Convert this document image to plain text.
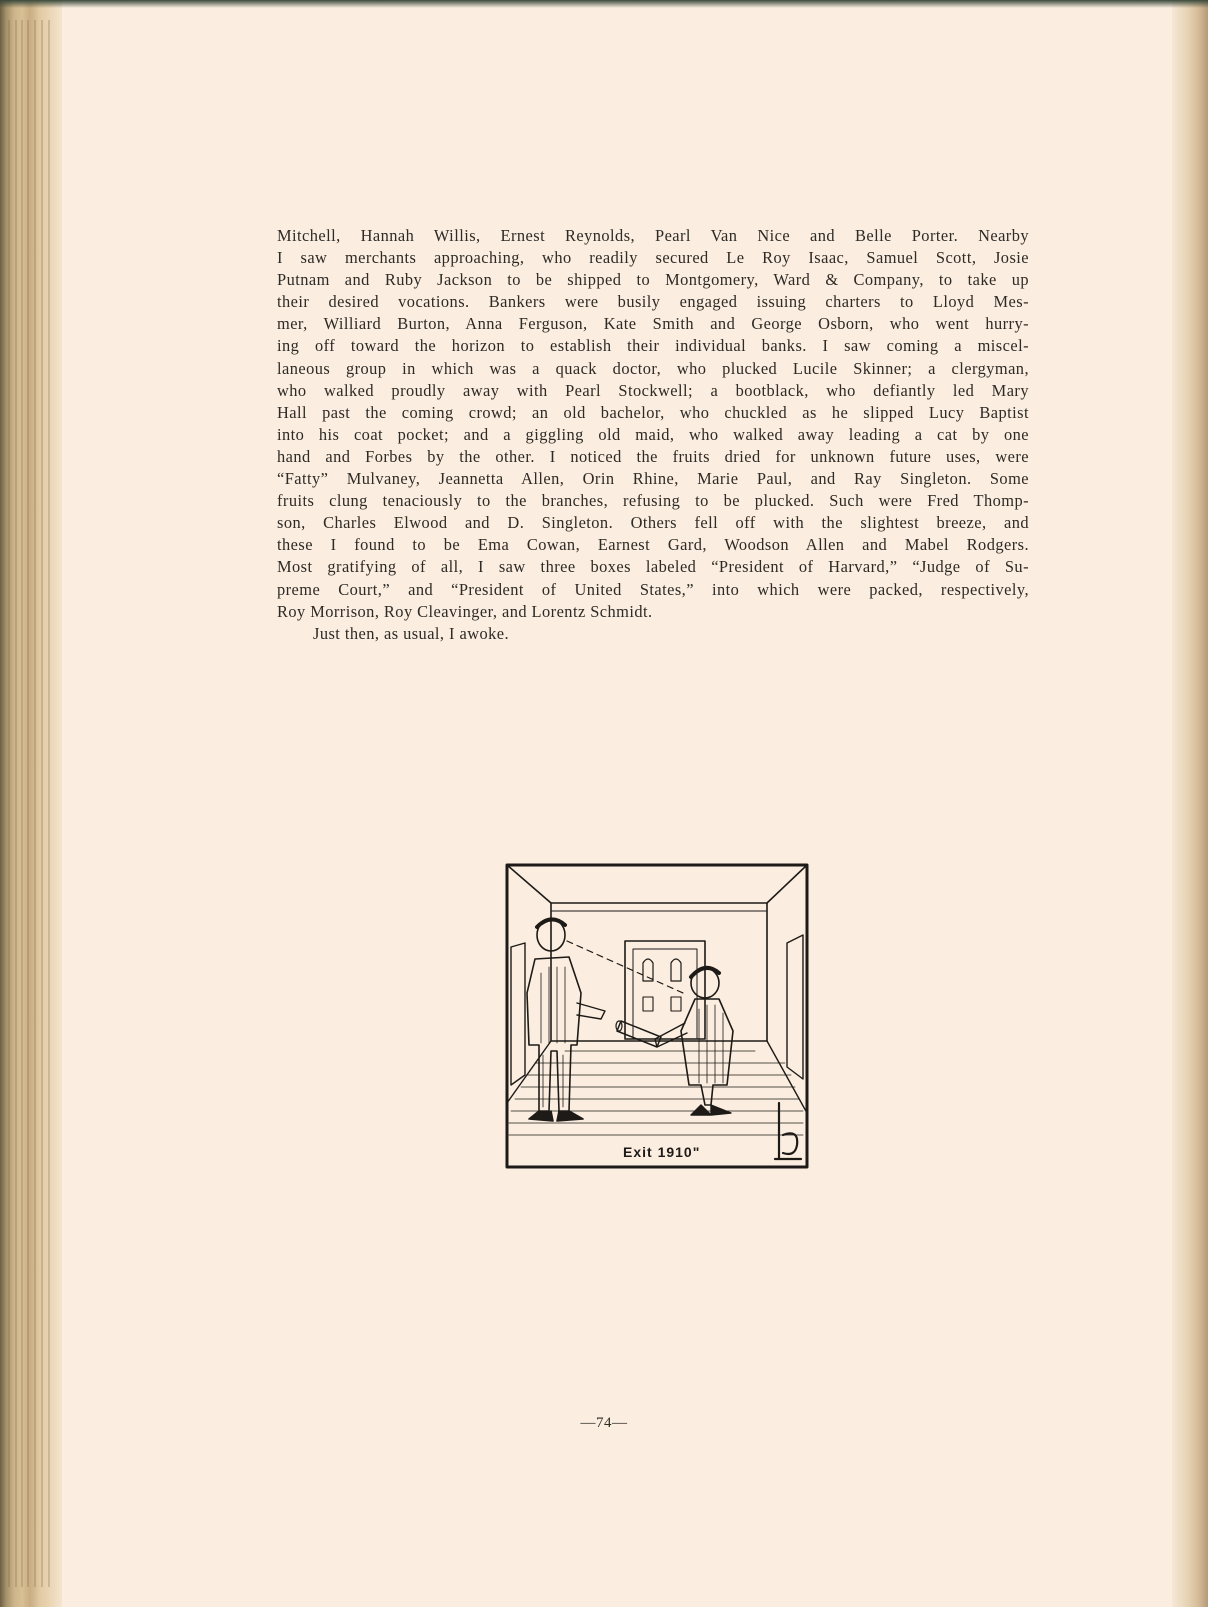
Mitchell, Hannah Willis, Ernest Reynolds, Pearl Van Nice and Belle Porter. Nearby
I saw merchants approaching, who readily secured Le Roy Isaac, Samuel Scott, Josie
Putnam and Ruby Jackson to be shipped to Montgomery, Ward & Company, to take up
their desired vocations. Bankers were busily engaged issuing charters to Lloyd Mes-
mer, Williard Burton, Anna Ferguson, Kate Smith and George Osborn, who went hurry-
ing off toward the horizon to establish their individual banks. I saw coming a miscel-
laneous group in which was a quack doctor, who plucked Lucile Skinner; a clergyman,
who walked proudly away with Pearl Stockwell; a bootblack, who defiantly led Mary
Hall past the coming crowd; an old bachelor, who chuckled as he slipped Lucy Baptist
into his coat pocket; and a giggling old maid, who walked away leading a cat by one
hand and Forbes by the other. I noticed the fruits dried for unknown future uses, were
“Fatty” Mulvaney, Jeannetta Allen, Orin Rhine, Marie Paul, and Ray Singleton. Some
fruits clung tenaciously to the branches, refusing to be plucked. Such were Fred Thomp-
son, Charles Elwood and D. Singleton. Others fell off with the slightest breeze, and
these I found to be Ema Cowan, Earnest Gard, Woodson Allen and Mabel Rodgers.
Most gratifying of all, I saw three boxes labeled “President of Harvard,” “Judge of Su-
preme Court,” and “President of United States,” into which were packed, respectively,
Roy Morrison, Roy Cleavinger, and Lorentz Schmidt.

Just then, as usual, I awoke.

Exit 1910"
—74—
